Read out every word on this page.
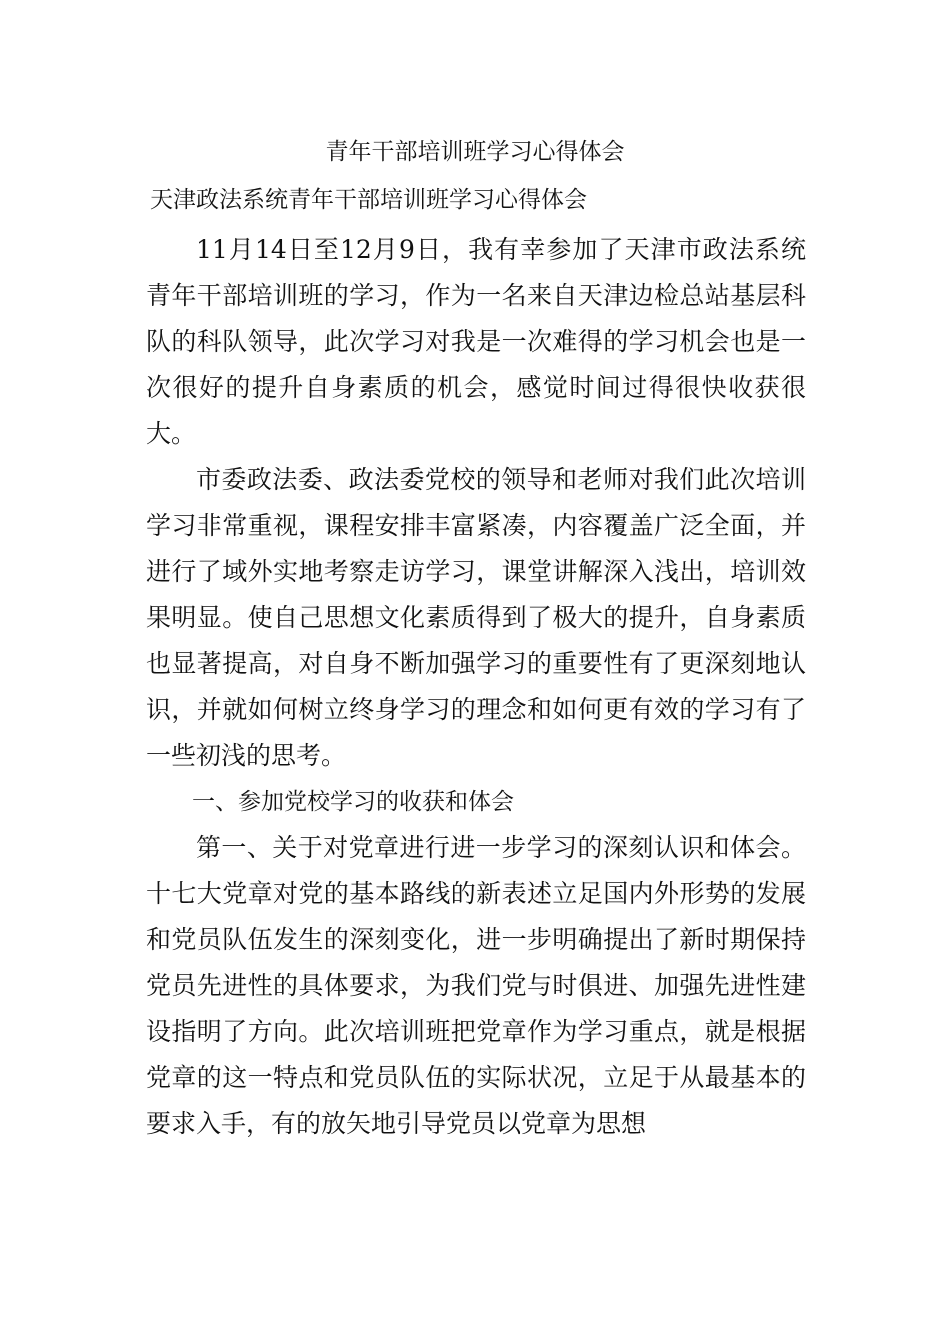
青年干部培训班学习心得体会
天津政法系统青年干部培训班学习心得体会

11月14日至12月9日，我有幸参加了天津市政法系统青年干部培训班的学习，作为一名来自天津边检总站基层科队的科队领导，此次学习对我是一次难得的学习机会也是一次很好的提升自身素质的机会，感觉时间过得很快收获很大。

市委政法委、政法委党校的领导和老师对我们此次培训学习非常重视，课程安排丰富紧凑，内容覆盖广泛全面，并进行了域外实地考察走访学习，课堂讲解深入浅出，培训效果明显。使自己思想文化素质得到了极大的提升，自身素质也显著提高，对自身不断加强学习的重要性有了更深刻地认识，并就如何树立终身学习的理念和如何更有效的学习有了一些初浅的思考。

一、参加党校学习的收获和体会

第一、关于对党章进行进一步学习的深刻认识和体会。十七大党章对党的基本路线的新表述立足国内外形势的发展和党员队伍发生的深刻变化，进一步明确提出了新时期保持党员先进性的具体要求，为我们党与时俱进、加强先进性建设指明了方向。此次培训班把党章作为学习重点，就是根据党章的这一特点和党员队伍的实际状况，立足于从最基本的要求入手，有的放矢地引导党员以党章为思想
